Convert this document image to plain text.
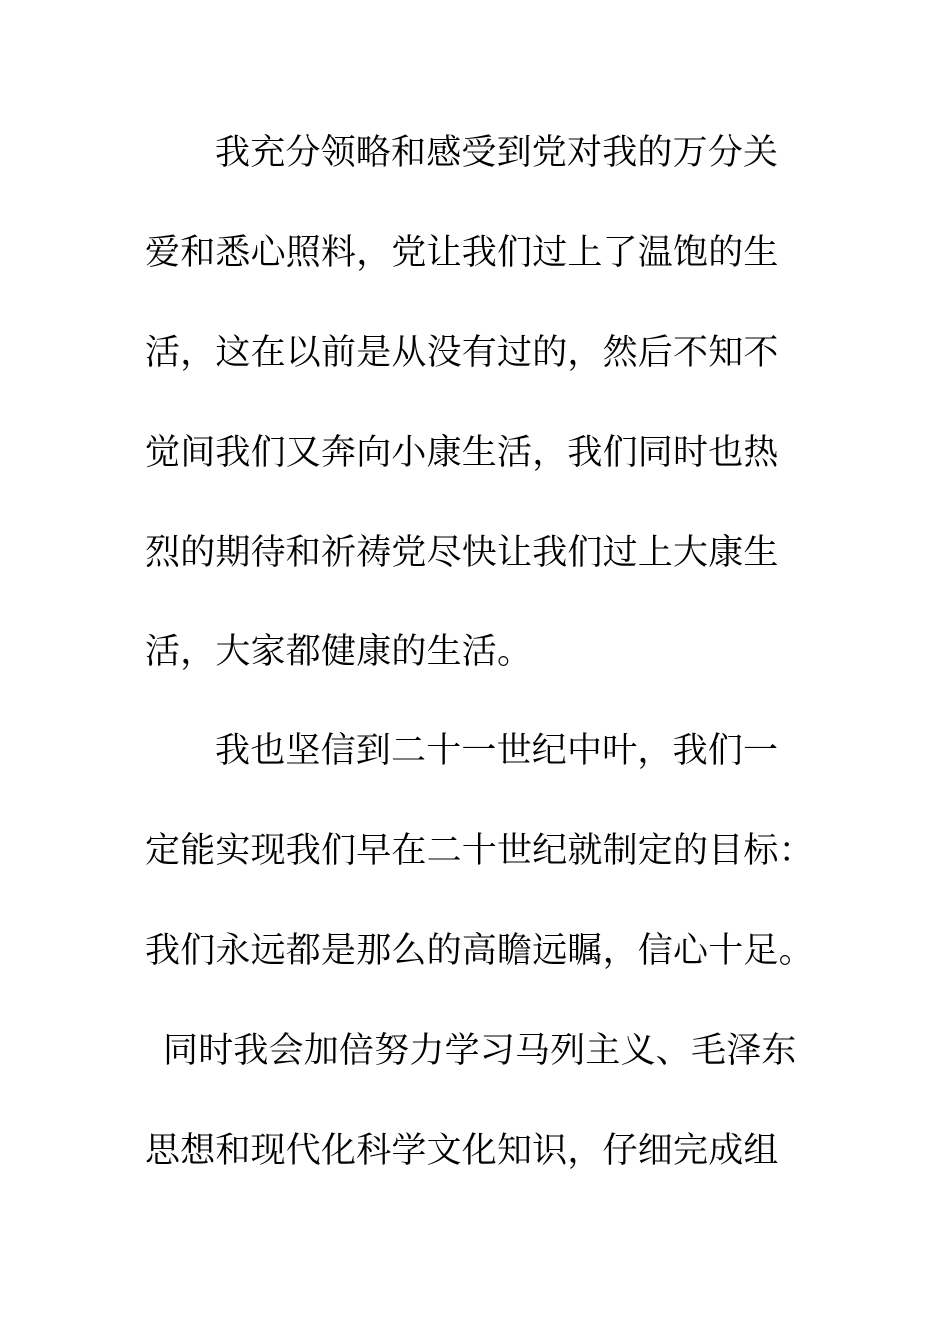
我充分领略和感受到党对我的万分关

爱和悉心照料，党让我们过上了温饱的生

活，这在以前是从没有过的，然后不知不

觉间我们又奔向小康生活，我们同时也热

烈的期待和祈祷党尽快让我们过上大康生

活，大家都健康的生活。

我也坚信到二十一世纪中叶，我们一

定能实现我们早在二十世纪就制定的目标：

我们永远都是那么的高瞻远瞩，信心十足。

同时我会加倍努力学习马列主义、毛泽东

思想和现代化科学文化知识，仔细完成组
